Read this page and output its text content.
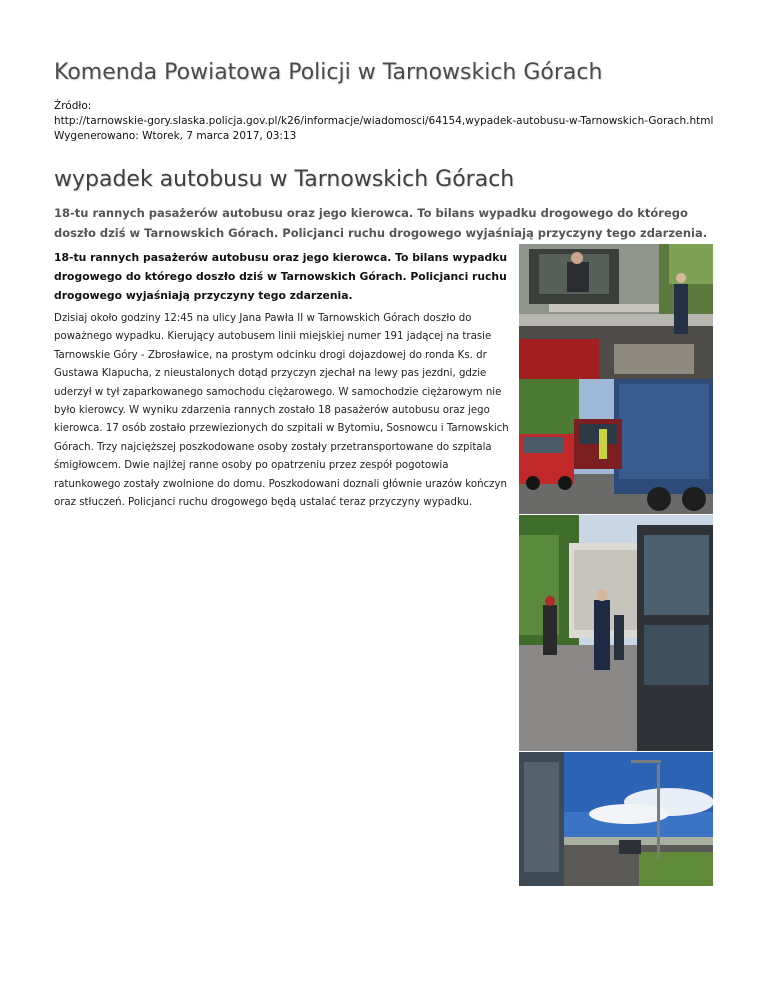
Komenda Powiatowa Policji w Tarnowskich Górach
Źródło:

http://tarnowskie-gory.slaska.policja.gov.pl/k26/informacje/wiadomosci/64154,wypadek-autobusu-w-Tarnowskich-Gorach.html
Wygenerowano: Wtorek, 7 marca 2017, 03:13
wypadek autobusu w Tarnowskich Górach

18-tu rannych pasażerów autobusu oraz jego kierowca. To bilans wypadku drogowego do którego doszło dziś w Tarnowskich Górach. Policjanci ruchu drogowego wyjaśniają przyczyny tego zdarzenia.

18-tu rannych pasażerów autobusu oraz jego kierowca. To bilans wypadku drogowego do którego doszło dziś w Tarnowskich Górach. Policjanci ruchu drogowego wyjaśniają przyczyny tego zdarzenia.

Dzisiaj około godziny 12:45 na ulicy Jana Pawła II w Tarnowskich Górach doszło do poważnego wypadku. Kierujący autobusem linii miejskiej numer 191 jadącej na trasie Tarnowskie Góry - Zbrosławice, na prostym odcinku drogi dojazdowej do ronda Ks. dr Gustawa Klapucha, z nieustalonych dotąd przyczyn zjechał na lewy pas jezdni, gdzie uderzył w tył zaparkowanego samochodu ciężarowego. W samochodzie ciężarowym nie było kierowcy. W wyniku zdarzenia rannych zostało 18 pasażerów autobusu oraz jego kierowca. 17 osób zostało przewiezionych do szpitali w Bytomiu, Sosnowcu i Tarnowskich Górach. Trzy najcięższej poszkodowane osoby zostały przetransportowane do szpitala śmigłowcem. Dwie najlżej ranne osoby po opatrzeniu przez zespół pogotowia ratunkowego zostały zwolnione do domu. Poszkodowani doznali głównie urazów kończyn oraz stłuczeń. Policjanci ruchu drogowego będą ustalać teraz przyczyny wypadku.
